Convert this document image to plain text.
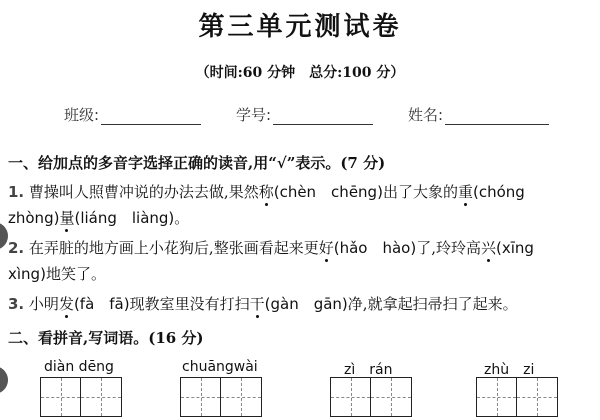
第三单元测试卷
（时间:60 分钟　总分:100 分）
班级:	学号:	姓名:
一、给加点的多音字选择正确的读音,用“√”表示。(7 分)
1. 曹操叫人照曹冲说的办法去做,果然称(chèn　chēng)出了大象的重(chóng
zhòng)量(liáng　liàng)。
2. 在弄脏的地方画上小花狗后,整张画看起来更好(hǎo　hào)了,玲玲高兴(xīng
xìng)地笑了。
3. 小明发(fà　fā)现教室里没有打扫干(gàn　gān)净,就拿起扫帚扫了起来。
二、看拼音,写词语。(16 分)
diàn dēng	chuāngwài	zì　rán	zhù　zi
